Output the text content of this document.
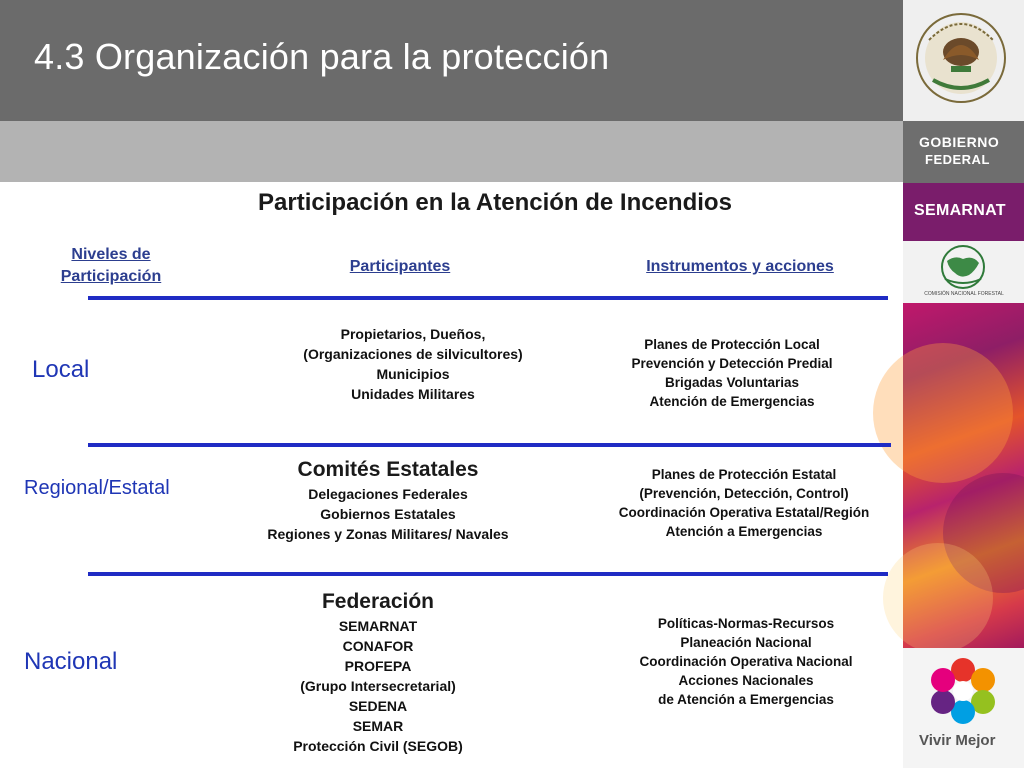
4.3 Organización para la protección
GOBIERNO
FEDERAL
SEMARNAT
COMISIÓN NACIONAL FORESTAL
Vivir Mejor
Participación en la Atención de Incendios
Niveles de
Participación
Participantes	Instrumentos y acciones
Local
Propietarios, Dueños,
(Organizaciones de silvicultores)
Municipios
Unidades Militares
Planes de Protección Local
Prevención y Detección Predial
Brigadas Voluntarias
Atención de Emergencias
Regional/Estatal
Comités Estatales
Delegaciones Federales
Gobiernos Estatales
Regiones y Zonas Militares/ Navales
Planes de Protección Estatal
(Prevención, Detección, Control)
Coordinación Operativa Estatal/Región
Atención a Emergencias
Nacional
Federación
SEMARNAT
CONAFOR
PROFEPA
(Grupo Intersecretarial)
SEDENA
SEMAR
Protección Civil (SEGOB)
Políticas-Normas-Recursos
Planeación Nacional
Coordinación Operativa Nacional
Acciones Nacionales
de Atención a Emergencias
